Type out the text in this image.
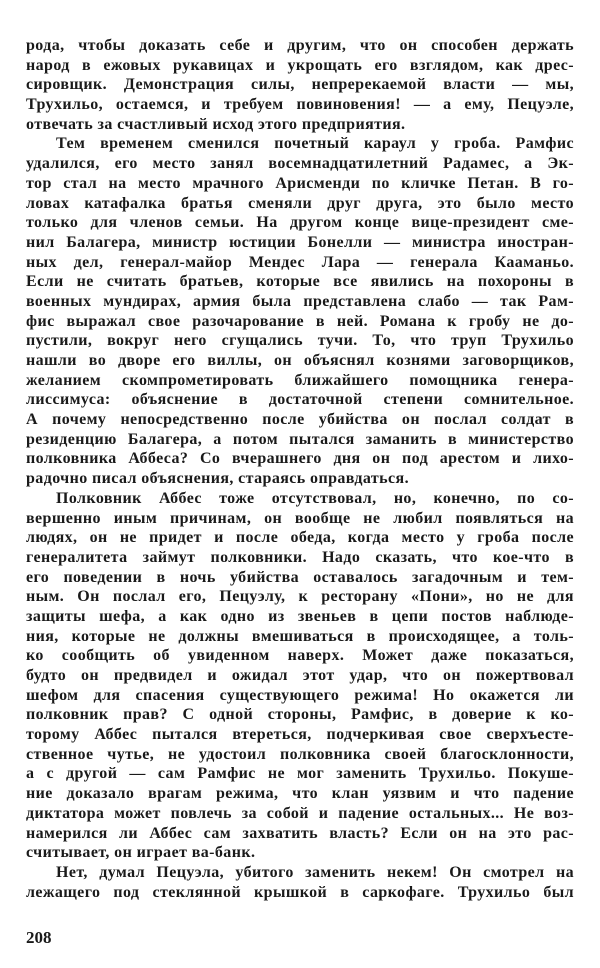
рода, чтобы доказать себе и другим, что он способен держать
народ в ежовых рукавицах и укрощать его взглядом, как дрес-
сировщик. Демонстрация силы, непререкаемой власти — мы,
Трухильо, остаемся, и требуем повиновения! — а ему, Пецуэле,
отвечать за счастливый исход этого предприятия.
Тем временем сменился почетный караул у гроба. Рамфис
удалился, его место занял восемнадцатилетний Радамес, а Эк-
тор стал на место мрачного Арисменди по кличке Петан. В го-
ловах катафалка братья сменяли друг друга, это было место
только для членов семьи. На другом конце вице-президент сме-
нил Балагера, министр юстиции Бонелли — министра иностран-
ных дел, генерал-майор Мендес Лара — генерала Кааманьо.
Если не считать братьев, которые все явились на похороны в
военных мундирах, армия была представлена слабо — так Рам-
фис выражал свое разочарование в ней. Романа к гробу не до-
пустили, вокруг него сгущались тучи. То, что труп Трухильо
нашли во дворе его виллы, он объяснял кознями заговорщиков,
желанием скомпрометировать ближайшего помощника генера-
лиссимуса: объяснение в достаточной степени сомнительное.
А почему непосредственно после убийства он послал солдат в
резиденцию Балагера, а потом пытался заманить в министерство
полковника Аббеса? Со вчерашнего дня он под арестом и лихо-
радочно писал объяснения, стараясь оправдаться.
Полковник Аббес тоже отсутствовал, но, конечно, по со-
вершенно иным причинам, он вообще не любил появляться на
людях, он не придет и после обеда, когда место у гроба после
генералитета займут полковники. Надо сказать, что кое-что в
его поведении в ночь убийства оставалось загадочным и тем-
ным. Он послал его, Пецуэлу, к ресторану «Пони», но не для
защиты шефа, а как одно из звеньев в цепи постов наблюде-
ния, которые не должны вмешиваться в происходящее, а толь-
ко сообщить об увиденном наверх. Может даже показаться,
будто он предвидел и ожидал этот удар, что он пожертвовал
шефом для спасения существующего режима! Но окажется ли
полковник прав? С одной стороны, Рамфис, в доверие к ко-
торому Аббес пытался втереться, подчеркивая свое сверхъесте-
ственное чутье, не удостоил полковника своей благосклонности,
а с другой — сам Рамфис не мог заменить Трухильо. Покуше-
ние доказало врагам режима, что клан уязвим и что падение
диктатора может повлечь за собой и падение остальных... Не воз-
намерился ли Аббес сам захватить власть? Если он на это рас-
считывает, он играет ва-банк.
Нет, думал Пецуэла, убитого заменить некем! Он смотрел на
лежащего под стеклянной крышкой в саркофаге. Трухильо был
208
